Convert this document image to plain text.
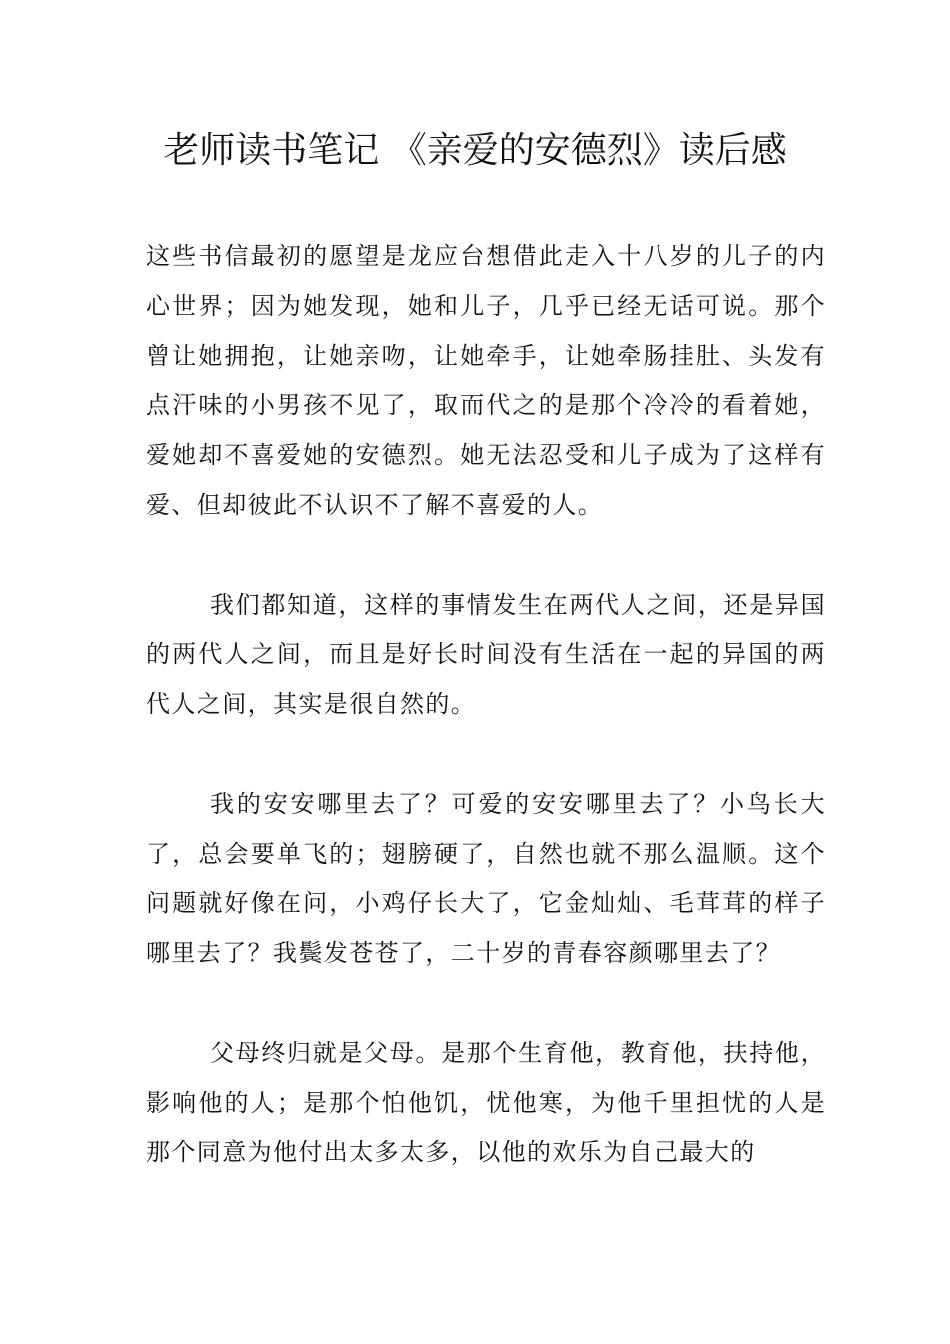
老师读书笔记 《亲爱的安德烈》读后感

这些书信最初的愿望是龙应台想借此走入十八岁的儿子的内心世界；因为她发现，她和儿子，几乎已经无话可说。那个曾让她拥抱，让她亲吻，让她牵手，让她牵肠挂肚、头发有点汗味的小男孩不见了，取而代之的是那个冷冷的看着她，爱她却不喜爱她的安德烈。她无法忍受和儿子成为了这样有爱、但却彼此不认识不了解不喜爱的人。

我们都知道，这样的事情发生在两代人之间，还是异国的两代人之间，而且是好长时间没有生活在一起的异国的两代人之间，其实是很自然的。

我的安安哪里去了？可爱的安安哪里去了？小鸟长大了，总会要单飞的；翅膀硬了，自然也就不那么温顺。这个问题就好像在问，小鸡仔长大了，它金灿灿、毛茸茸的样子哪里去了？我鬓发苍苍了，二十岁的青春容颜哪里去了？

父母终归就是父母。是那个生育他，教育他，扶持他，影响他的人；是那个怕他饥，忧他寒，为他千里担忧的人是那个同意为他付出太多太多，以他的欢乐为自己最大的
